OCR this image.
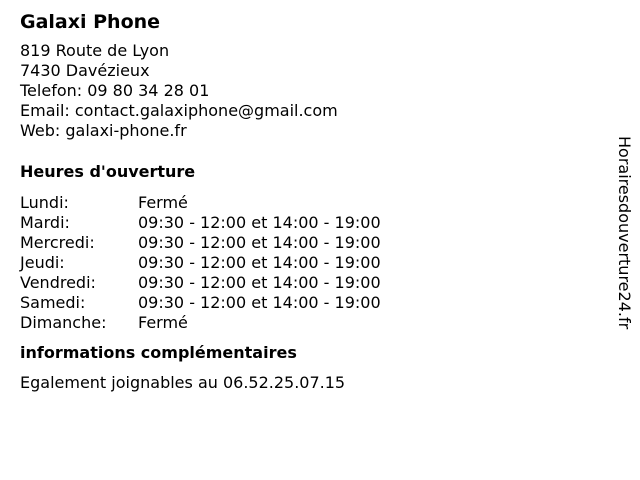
Galaxi Phone
819 Route de Lyon
7430 Davézieux
Telefon: 09 80 34 28 01
Email: contact.galaxiphone@gmail.com
Web: galaxi-phone.fr
Heures d'ouverture
Lundi:	Fermé
Mardi:	09:30 - 12:00 et 14:00 - 19:00
Mercredi:	09:30 - 12:00 et 14:00 - 19:00
Jeudi:	09:30 - 12:00 et 14:00 - 19:00
Vendredi:	09:30 - 12:00 et 14:00 - 19:00
Samedi:	09:30 - 12:00 et 14:00 - 19:00
Dimanche:	Fermé
informations complémentaires
Egalement joignables au 06.52.25.07.15
Horairesdouverture24.fr
